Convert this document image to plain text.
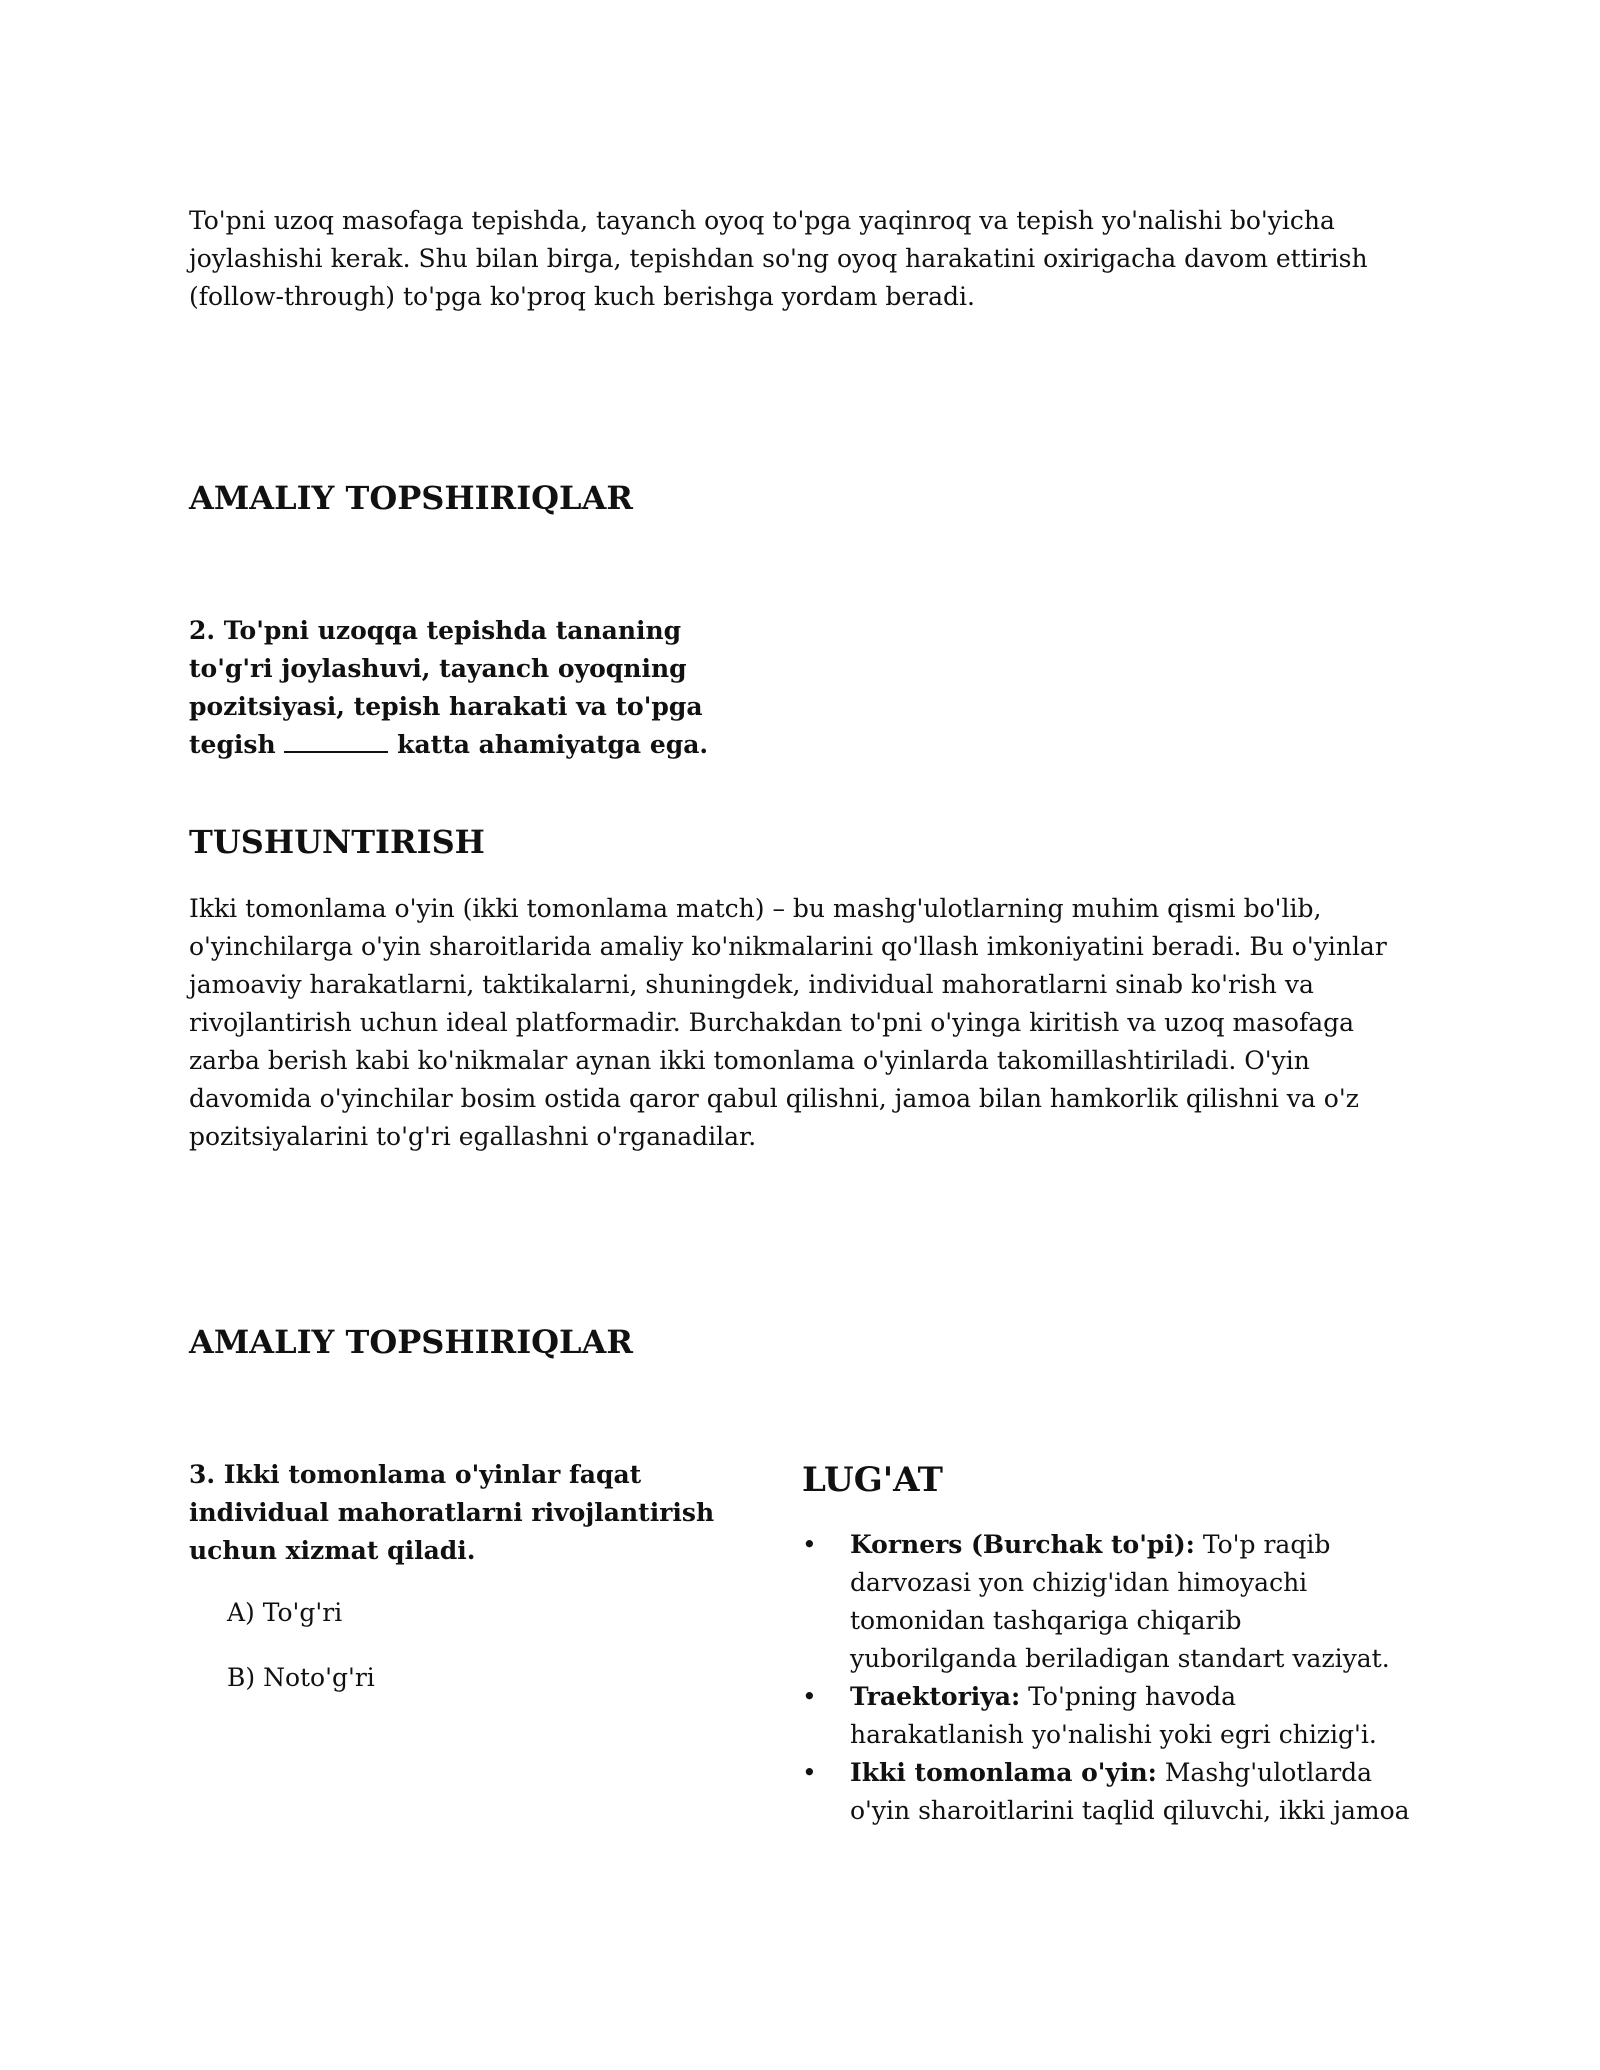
To'pni uzoq masofaga tepishda, tayanch oyoq to'pga yaqinroq va tepish yo'nalishi bo'yicha joylashishi kerak. Shu bilan birga, tepishdan so'ng oyoq harakatini oxirigacha davom ettirish (follow-through) to'pga ko'proq kuch berishga yordam beradi.

AMALIY TOPSHIRIQLAR

2. To'pni uzoqqa tepishda tananing to'g'ri joylashuvi, tayanch oyoqning pozitsiyasi, tepish harakati va to'pga tegish	katta ahamiyatga ega.

TUSHUNTIRISH

Ikki tomonlama o'yin (ikki tomonlama match) – bu mashg'ulotlarning muhim qismi bo'lib, o'yinchilarga o'yin sharoitlarida amaliy ko'nikmalarini qo'llash imkoniyatini beradi. Bu o'yinlar jamoaviy harakatlarni, taktikalarni, shuningdek, individual mahoratlarni sinab ko'rish va rivojlantirish uchun ideal platformadir. Burchakdan to'pni o'yinga kiritish va uzoq masofaga zarba berish kabi ko'nikmalar aynan ikki tomonlama o'yinlarda takomillashtiriladi. O'yin davomida o'yinchilar bosim ostida qaror qabul qilishni, jamoa bilan hamkorlik qilishni va o'z pozitsiyalarini to'g'ri egallashni o'rganadilar.

AMALIY TOPSHIRIQLAR

3. Ikki tomonlama o'yinlar faqat individual mahoratlarni rivojlantirish uchun xizmat qiladi.

A) To'g'ri

B) Noto'g'ri

LUG'AT
• Korners (Burchak to'pi): To'p raqib darvozasi yon chizig'idan himoyachi tomonidan tashqariga chiqarib yuborilganda beriladigan standart vaziyat.
• Traektoriya: To'pning havoda harakatlanish yo'nalishi yoki egri chizig'i.
• Ikki tomonlama o'yin: Mashg'ulotlarda o'yin sharoitlarini taqlid qiluvchi, ikki jamoa
